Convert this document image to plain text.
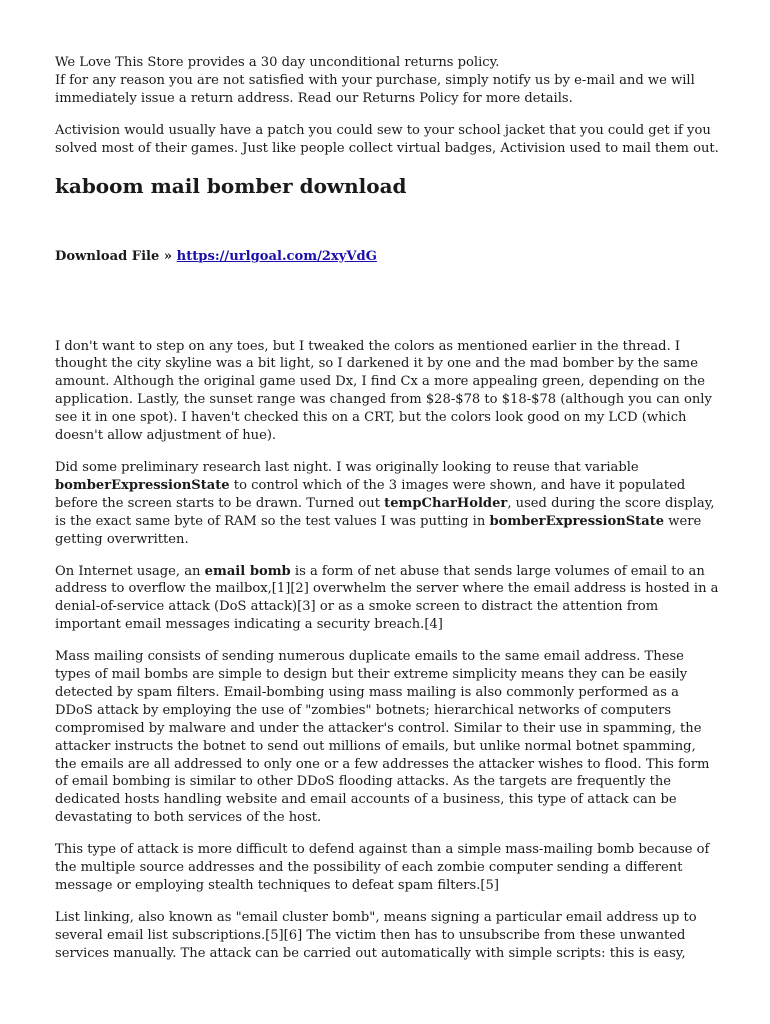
We Love This Store provides a 30 day unconditional returns policy.
If for any reason you are not satisfied with your purchase, simply notify us by e-mail and we will immediately issue a return address. Read our Returns Policy for more details.

Activision would usually have a patch you could sew to your school jacket that you could get if you solved most of their games. Just like people collect virtual badges, Activision used to mail them out.

kaboom mail bomber download
Download File » https://urlgoal.com/2xyVdG

I don't want to step on any toes, but I tweaked the colors as mentioned earlier in the thread. I thought the city skyline was a bit light, so I darkened it by one and the mad bomber by the same amount. Although the original game used Dx, I find Cx a more appealing green, depending on the application. Lastly, the sunset range was changed from $28-$78 to $18-$78 (although you can only see it in one spot). I haven't checked this on a CRT, but the colors look good on my LCD (which doesn't allow adjustment of hue).

Did some preliminary research last night. I was originally looking to reuse that variable bomberExpressionState to control which of the 3 images were shown, and have it populated before the screen starts to be drawn. Turned out tempCharHolder, used during the score display, is the exact same byte of RAM so the test values I was putting in bomberExpressionState were getting overwritten.

On Internet usage, an email bomb is a form of net abuse that sends large volumes of email to an address to overflow the mailbox,[1][2] overwhelm the server where the email address is hosted in a denial-of-service attack (DoS attack)[3] or as a smoke screen to distract the attention from important email messages indicating a security breach.[4]

Mass mailing consists of sending numerous duplicate emails to the same email address. These types of mail bombs are simple to design but their extreme simplicity means they can be easily detected by spam filters. Email-bombing using mass mailing is also commonly performed as a DDoS attack by employing the use of "zombies" botnets; hierarchical networks of computers compromised by malware and under the attacker's control. Similar to their use in spamming, the attacker instructs the botnet to send out millions of emails, but unlike normal botnet spamming, the emails are all addressed to only one or a few addresses the attacker wishes to flood. This form of email bombing is similar to other DDoS flooding attacks. As the targets are frequently the dedicated hosts handling website and email accounts of a business, this type of attack can be devastating to both services of the host.

This type of attack is more difficult to defend against than a simple mass-mailing bomb because of the multiple source addresses and the possibility of each zombie computer sending a different message or employing stealth techniques to defeat spam filters.[5]

List linking, also known as "email cluster bomb", means signing a particular email address up to several email list subscriptions.[5][6] The victim then has to unsubscribe from these unwanted services manually. The attack can be carried out automatically with simple scripts: this is easy,
